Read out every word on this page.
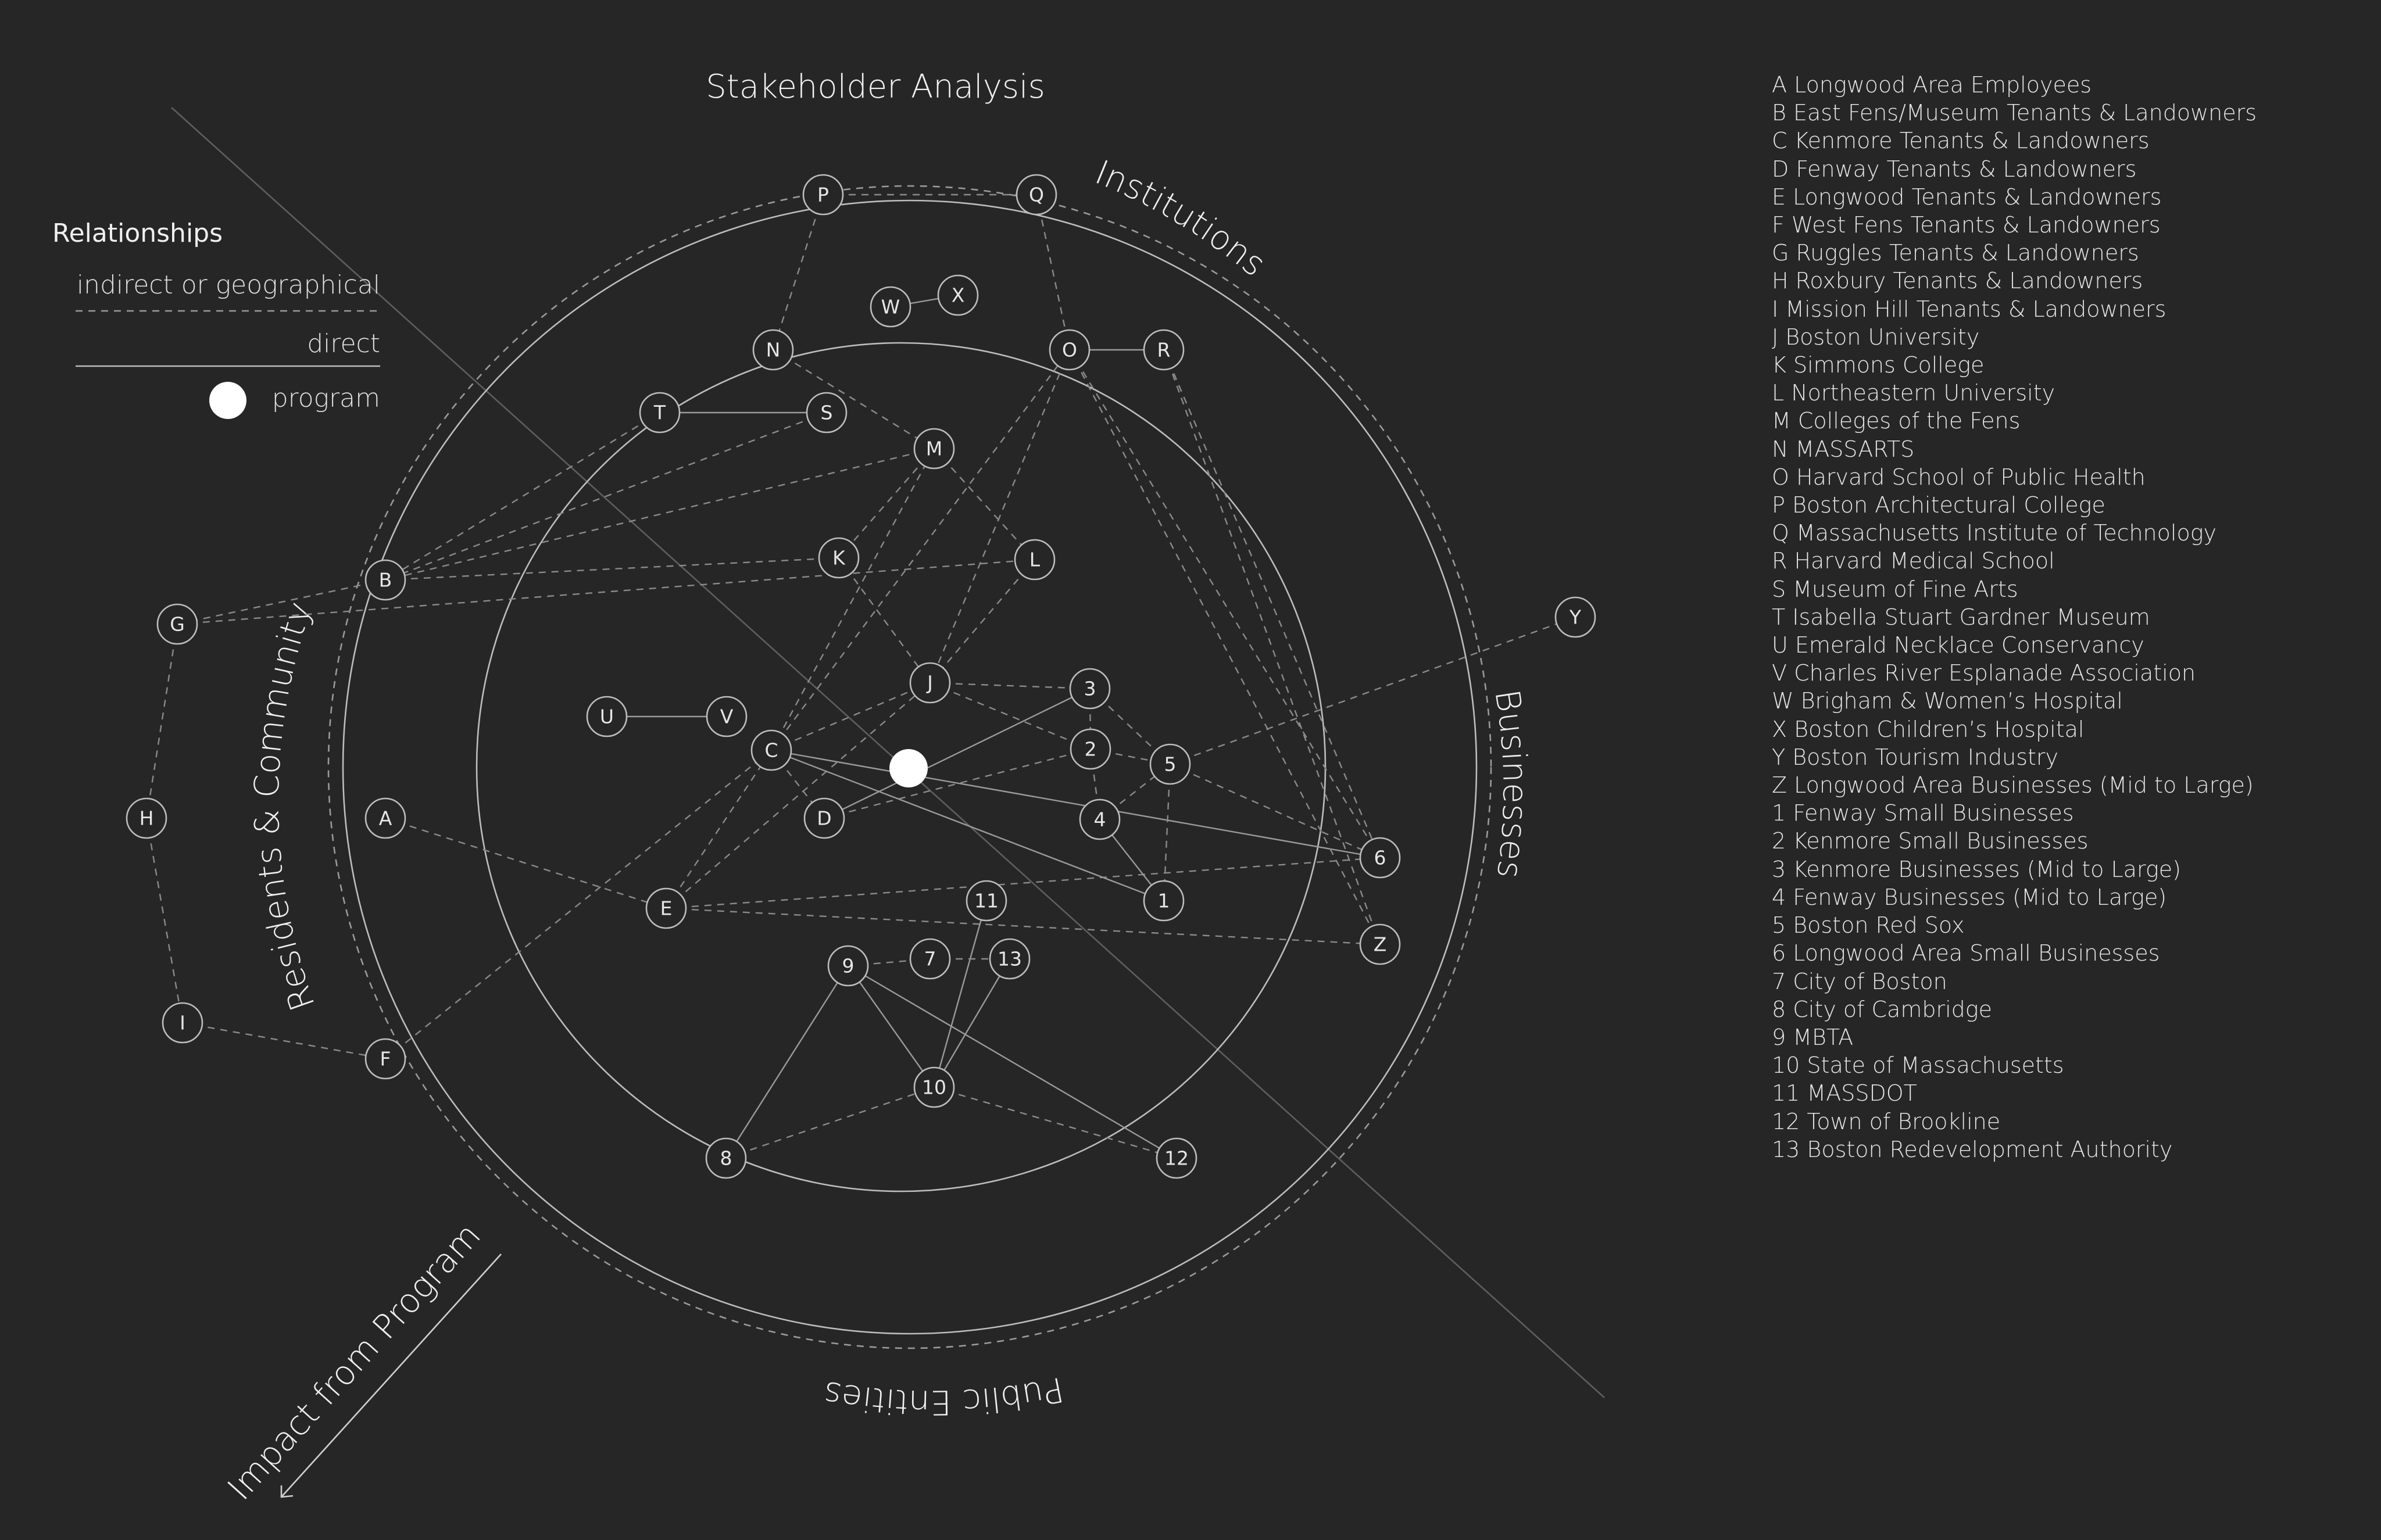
Stakeholder Analysis
Institutions
Businesses
Residents & Community
Public Entities
Impact from Program
Relationships
indirect or geographical
direct
program
A
B
C
D
E
F
G
H
I
J
K	L
M
N	O
P	Q
R
S
T
U	V
W
X
Y
Z
1
2
3
4
5
6
7
8
9
10
11
12
13
A Longwood Area Employees
B East Fens/Museum Tenants & Landowners
C Kenmore Tenants & Landowners
D Fenway Tenants & Landowners
E Longwood Tenants & Landowners
F West Fens Tenants & Landowners
G Ruggles Tenants & Landowners
H Roxbury Tenants & Landowners
I Mission Hill Tenants & Landowners
J Boston University
K Simmons College
L Northeastern University
M Colleges of the Fens
N MASSARTS
O Harvard School of Public Health
P Boston Architectural College
Q Massachusetts Institute of Technology
R Harvard Medical School
S Museum of Fine Arts
T Isabella Stuart Gardner Museum
U Emerald Necklace Conservancy
V Charles River Esplanade Association
W Brigham & Women’s Hospital
X Boston Children’s Hospital
Y Boston Tourism Industry
Z Longwood Area Businesses (Mid to Large)
1 Fenway Small Businesses
2 Kenmore Small Businesses
3 Kenmore Businesses (Mid to Large)
4 Fenway Businesses (Mid to Large)
5 Boston Red Sox
6 Longwood Area Small Businesses
7 City of Boston
8 City of Cambridge
9 MBTA
10 State of Massachusetts
11 MASSDOT
12 Town of Brookline
13 Boston Redevelopment Authority
